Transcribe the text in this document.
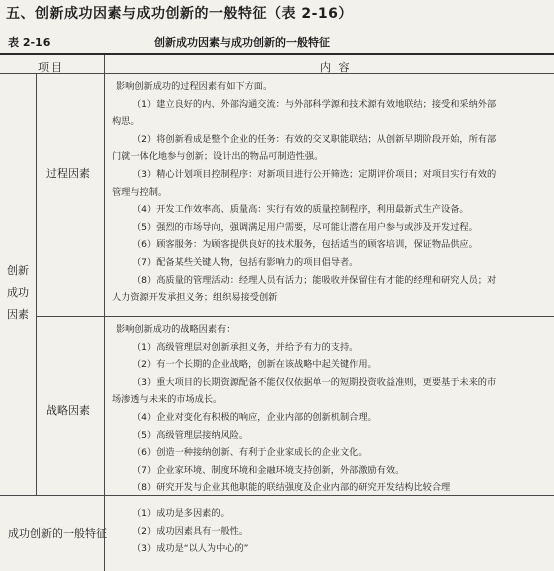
五、创新成功因素与成功创新的一般特征（表 2-16）
表 2-16	创新成功因素与成功创新的一般特征
项目	内 容
创新
成功
因素
过程因素
影响创新成功的过程因素有如下方面。
（1）建立良好的内、外部沟通交流：与外部科学源和技术源有效地联结；接受和采纳外部
构思。
（2）将创新看成是整个企业的任务：有效的交叉职能联结；从创新早期阶段开始，所有部
门就一体化地参与创新；设计出的物品可制造性强。
（3）精心计划项目控制程序：对新项目进行公开筛选；定期评价项目；对项目实行有效的
管理与控制。
（4）开发工作效率高、质量高：实行有效的质量控制程序，利用最新式生产设备。
（5）强烈的市场导向，强调满足用户需要，尽可能让潜在用户参与或涉及开发过程。
（6）顾客服务：为顾客提供良好的技术服务，包括适当的顾客培训，保证物品供应。
（7）配备某些关键人物，包括有影响力的项目倡导者。
（8）高质量的管理活动：经理人员有活力；能吸收并保留住有才能的经理和研究人员；对
人力资源开发承担义务；组织易接受创新
战略因素
影响创新成功的战略因素有：
（1）高级管理层对创新承担义务，并给予有力的支持。
（2）有一个长期的企业战略，创新在该战略中起关键作用。
（3）重大项目的长期资源配备不能仅仅依据单一的短期投资收益准则，更要基于未来的市
场渗透与未来的市场成长。
（4）企业对变化有积极的响应，企业内部的创新机制合理。
（5）高级管理层接纳风险。
（6）创造一种接纳创新、有利于企业家成长的企业文化。
（7）企业家环境、制度环境和金融环境支持创新，外部激励有效。
（8）研究开发与企业其他职能的联结强度及企业内部的研究开发结构比较合理
成功创新的一般特征
（1）成功是多因素的。
（2）成功因素具有一般性。
（3）成功是“以人为中心的”
